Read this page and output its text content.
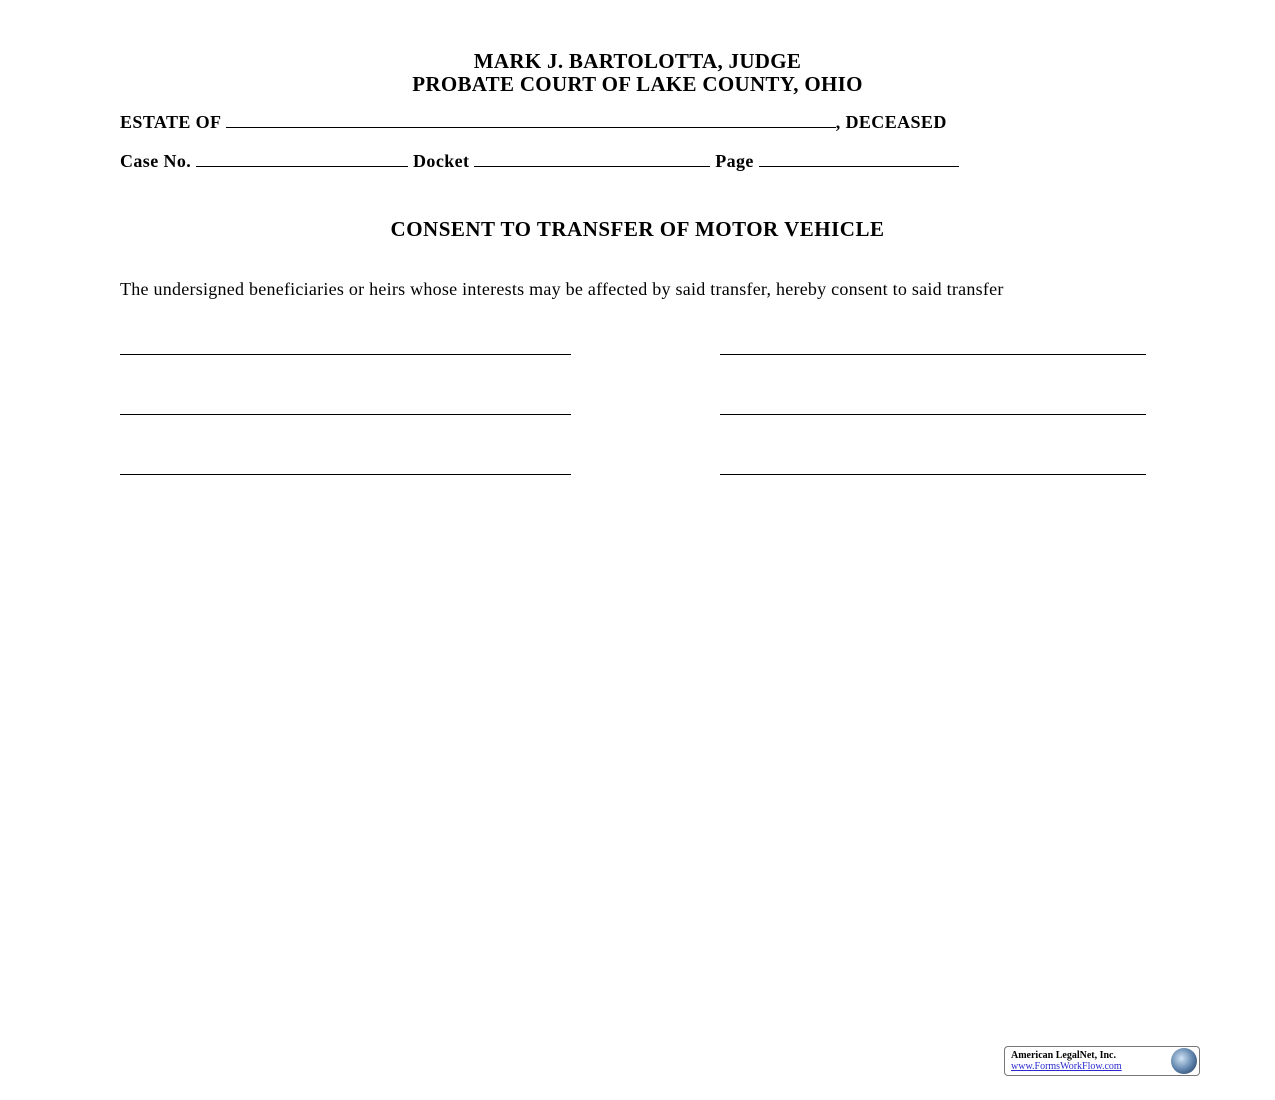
MARK J. BARTOLOTTA, JUDGE
PROBATE COURT OF LAKE COUNTY, OHIO
ESTATE OF	, DECEASED
Case No.	Docket	Page
CONSENT TO TRANSFER OF MOTOR VEHICLE
The undersigned beneficiaries or heirs whose interests may be affected by said transfer, hereby consent to said transfer
American LegalNet, Inc.
www.FormsWorkFlow.com
